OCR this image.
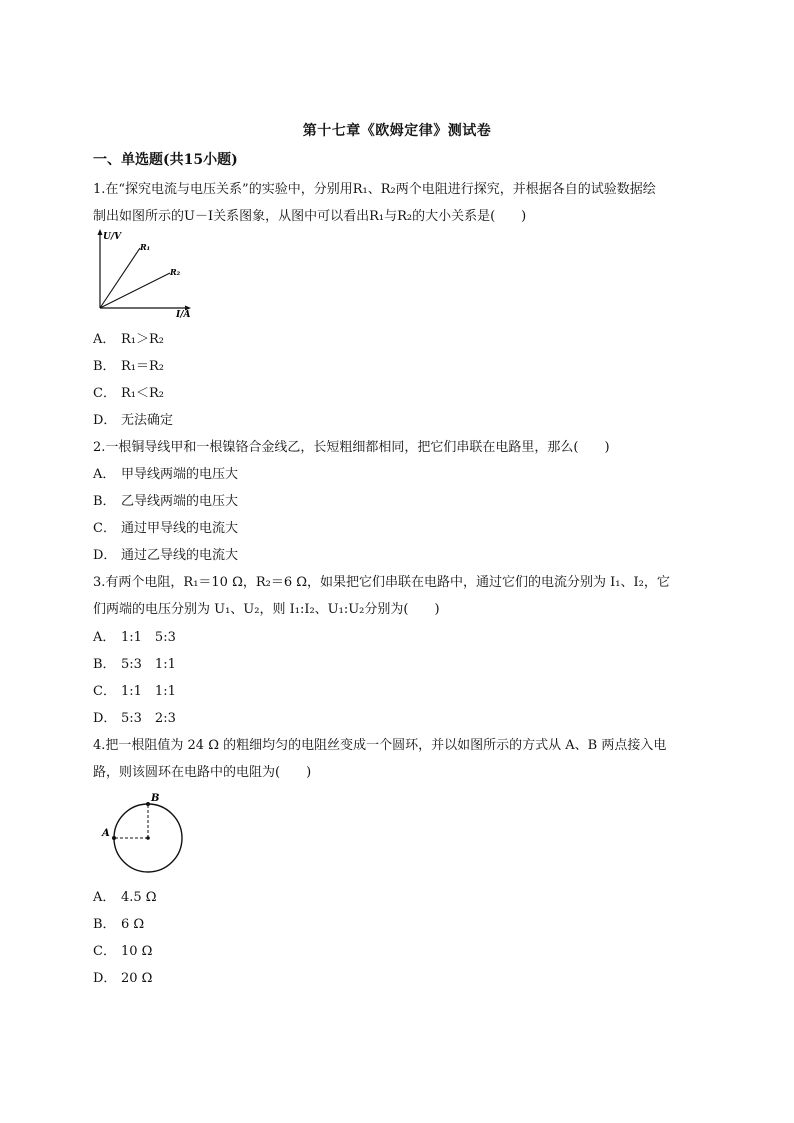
第十七章《欧姆定律》测试卷
一、单选题(共15小题)
1.在“探究电流与电压关系”的实验中，分别用R₁、R₂两个电阻进行探究，并根据各自的试验数据绘
制出如图所示的U－I关系图象，从图中可以看出R₁与R₂的大小关系是(　　)
U/V
R₁
R₂
I/A
A． R₁＞R₂
B． R₁＝R₂
C． R₁＜R₂
D． 无法确定
2.一根铜导线甲和一根镍铬合金线乙，长短粗细都相同，把它们串联在电路里，那么(　　)
A． 甲导线两端的电压大
B． 乙导线两端的电压大
C． 通过甲导线的电流大
D． 通过乙导线的电流大
3.有两个电阻，R₁＝10 Ω，R₂＝6 Ω，如果把它们串联在电路中，通过它们的电流分别为 I₁、I₂，它
们两端的电压分别为 U₁、U₂，则 I₁:I₂、U₁:U₂分别为(　　)
A． 1:1　5:3
B． 5:3　1:1
C． 1:1　1:1
D． 5:3　2:3
4.把一根阻值为 24 Ω 的粗细均匀的电阻丝变成一个圆环，并以如图所示的方式从 A、B 两点接入电
路，则该圆环在电路中的电阻为(　　)
A
B
A． 4.5 Ω
B． 6 Ω
C． 10 Ω
D． 20 Ω
